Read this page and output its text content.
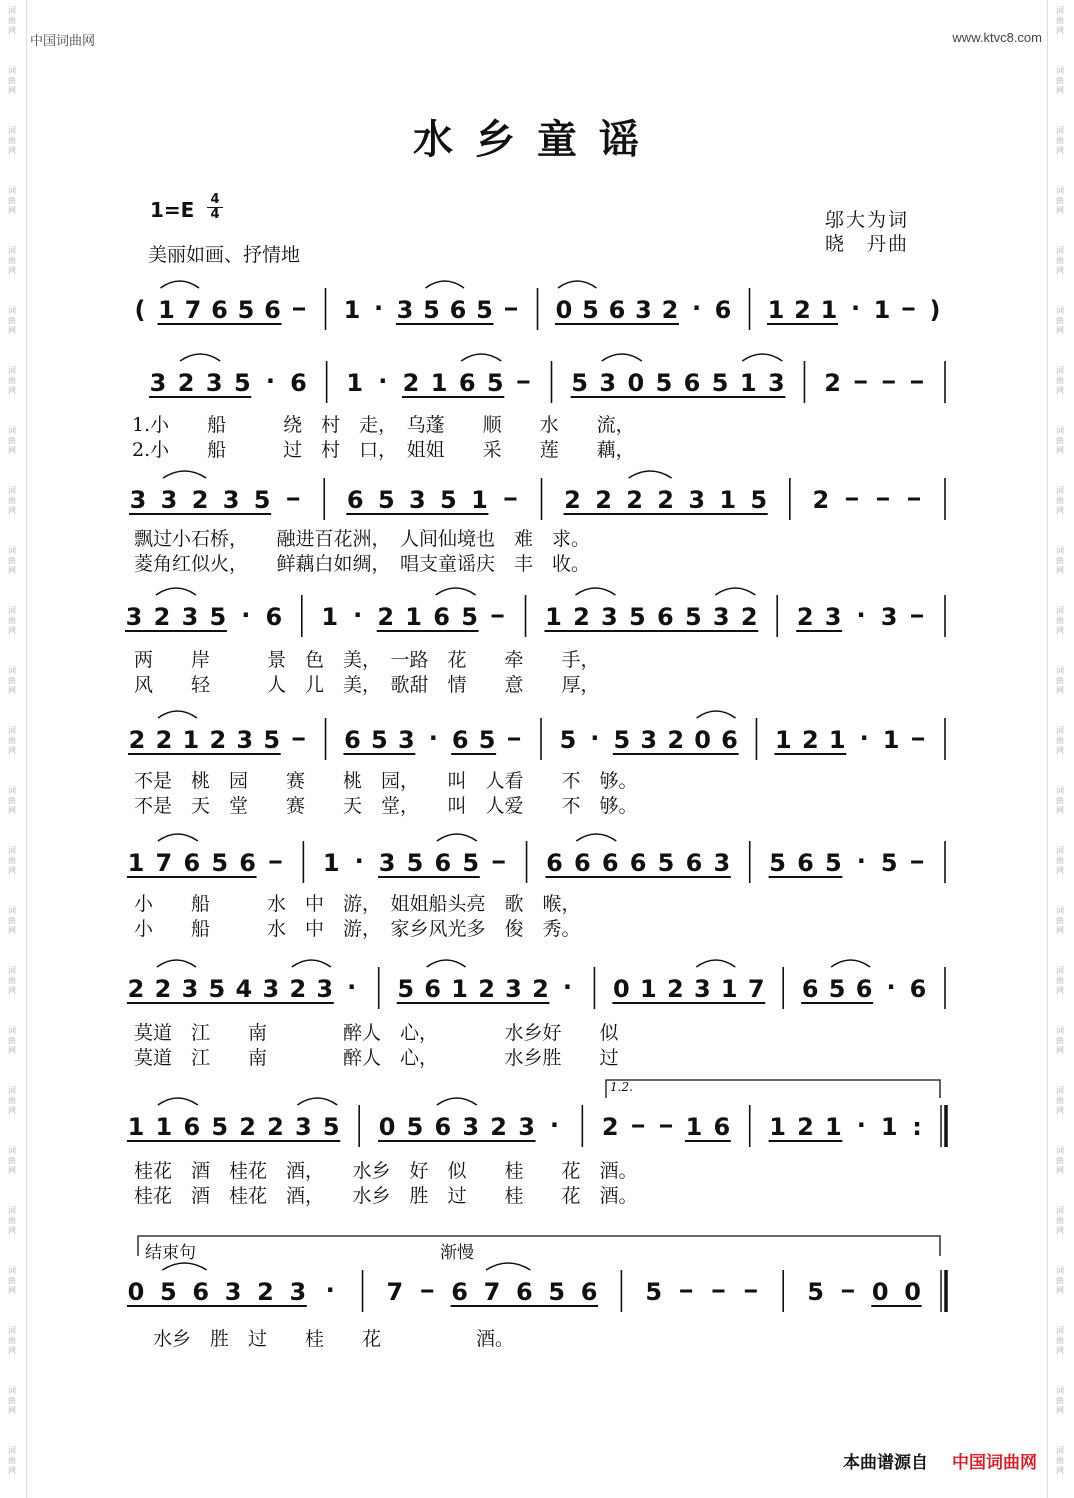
词
曲
网
词
曲
网
词
曲
网
词
曲
网
词
曲
网
词
曲
网
词
曲
网
词
曲
网
词
曲
网
词
曲
网
词
曲
网
词
曲
网
词
曲
网
词
曲
网
词
曲
网
词
曲
网
词
曲
网
词
曲
网
词
曲
网
词
曲
网
词
曲
网
词
曲
网
词
曲
网
词
曲
网
词
曲
网
词
曲
网
词
曲
网
词
曲
网
词
曲
网
词
曲
网
词
曲
网
词
曲
网
词
曲
网
词
曲
网
词
曲
网
词
曲
网
词
曲
网
词
曲
网
词
曲
网
词
曲
网
词
曲
网
词
曲
网
词
曲
网
词
曲
网
词
曲
网
词
曲
网
词
曲
网
词
曲
网
词
曲
网
词
曲
网
中国词曲网	www.ktvc8.com
水乡童谣
1=E 4
4
美丽如画、抒情地
邬大为词
晓　丹曲
( 1 7 6 5 6	1 · 3 5 6 5	0 5 6 3 2 · 6 1 2 1 · 1 )
3 2 3 5 · 6 1 · 2 1 6 5	5 3 0 5 6 5 1 3 2
3 3 2 3 5	6 5 3 5 1	2 2 2 2 3 1 5 2
3 2 3 5 · 6 1 · 2 1 6 5	1 2 3 5 6 5 3 2 2 3 · 3
2 2 1 2 3 5	6 5 3 · 6 5	5 · 5 3 2 0 6 1 2 1 · 1
1 7 6 5 6	1 · 3 5 6 5	6 6 6 6 5 6 3 5 6 5 · 5
2 2 3 5 4 3 2 3 · 5 6 1 2 3 2 · 0 1 2 3 1 7 6 5 6 · 6
1 1 6 5 2 2 3 5 0 5 6 3 2 3 · 2	1 6 1 2 1 · 1 :
0 5 6 3 2 3 · 7 6 7 6 5 6 5	5 0 0
1.小　　船　　　绕　村　走，　乌蓬　　顺　　水　　流，
2.小　　船　　　过　村　口，　姐姐　　采　　莲　　藕，
飘过小石桥，　　融进百花洲，　人间仙境也　难　求。
菱角红似火，　　鲜藕白如绸，　唱支童谣庆　丰　收。
两　　岸　　　景　色　美，　一路　花　　牵　　手，
风　　轻　　　人　儿　美，　歌甜　情　　意　　厚，
不是　桃　园　　赛　　桃　园，　　叫　人看　　不　够。
不是　天　堂　　赛　　天　堂，　　叫　人爱　　不　够。
小　　船　　　水　中　游，　姐姐船头亮　歌　喉，
小　　船　　　水　中　游，　家乡风光多　俊　秀。
莫道　江　　南　　　　醉人　心，　　　　水乡好　　似
莫道　江　　南　　　　醉人　心，　　　　水乡胜　　过
桂花　酒　桂花　酒，　　水乡　好　似　　桂　　花　酒。
桂花　酒　桂花　酒，　　水乡　胜　过　　桂　　花　酒。
　水乡　胜　过　　桂　　花　　　　　酒。
1.2.
结束句	渐慢
本曲谱源自 中国词曲网
